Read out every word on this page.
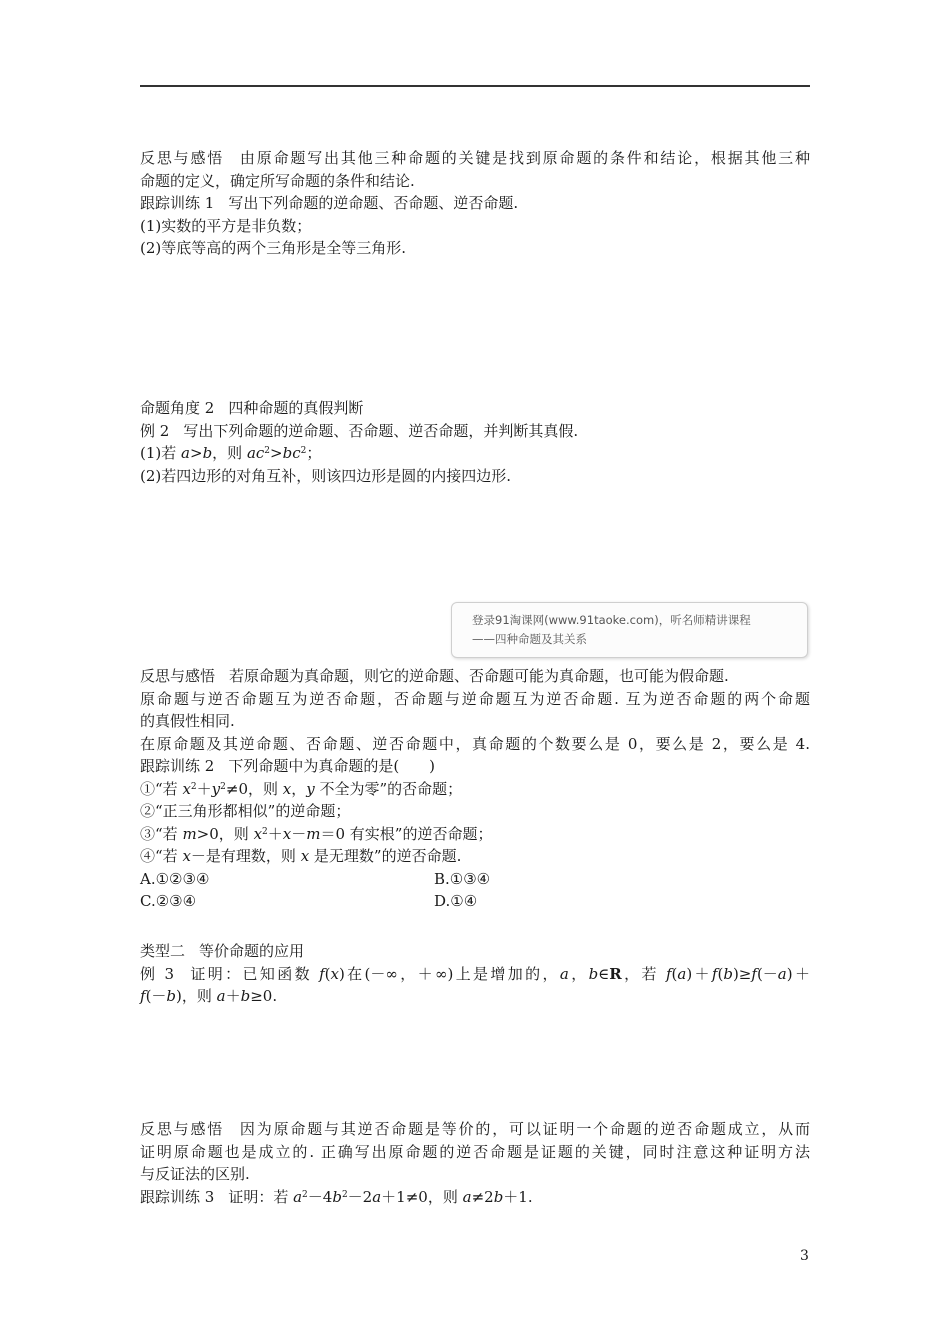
反思与感悟 由原命题写出其他三种命题的关键是找到原命题的条件和结论，根据其他三种
命题的定义，确定所写命题的条件和结论.
跟踪训练 1 写出下列命题的逆命题、否命题、逆否命题.
(1)实数的平方是非负数；
(2)等底等高的两个三角形是全等三角形.
命题角度 2 四种命题的真假判断
例 2 写出下列命题的逆命题、否命题、逆否命题，并判断其真假.
(1)若 a>b，则 $ac^2>bc^2$；
(2)若四边形的对角互补，则该四边形是圆的内接四边形.
登录91淘课网(www.91taoke.com)，听名师精讲课程
——四种命题及其关系
反思与感悟 若原命题为真命题，则它的逆命题、否命题可能为真命题，也可能为假命题.
原命题与逆否命题互为逆否命题，否命题与逆命题互为逆否命题. 互为逆否命题的两个命题
的真假性相同.
在原命题及其逆命题、否命题、逆否命题中，真命题的个数要么是 0，要么是 2，要么是 4.
跟踪训练 2 下列命题中为真命题的是(　　)
①“若 $x^2+y^2\ne 0$，则 x，y 不全为零”的否命题；
②“正三角形都相似”的逆命题；
③“若 m>0，则 $x^2+x-m=0$ 有实根”的逆否命题；
④“若 x－是有理数，则 x 是无理数”的逆否命题.
A.①②③④	B.①③④
C.②③④	D.①④
类型二 等价命题的应用
例 3 证明：已知函数 f(x)在(－∞，＋∞)上是增加的，a，b∈R，若 f(a)＋f(b)≥f(－a)＋
f(－b)，则 a＋b≥0.
反思与感悟 因为原命题与其逆否命题是等价的，可以证明一个命题的逆否命题成立，从而
证明原命题也是成立的. 正确写出原命题的逆否命题是证题的关键，同时注意这种证明方法
与反证法的区别.
跟踪训练 3 证明：若 $a^2-4b^2-2a+1\ne 0$，则 a≠2b＋1.
3
